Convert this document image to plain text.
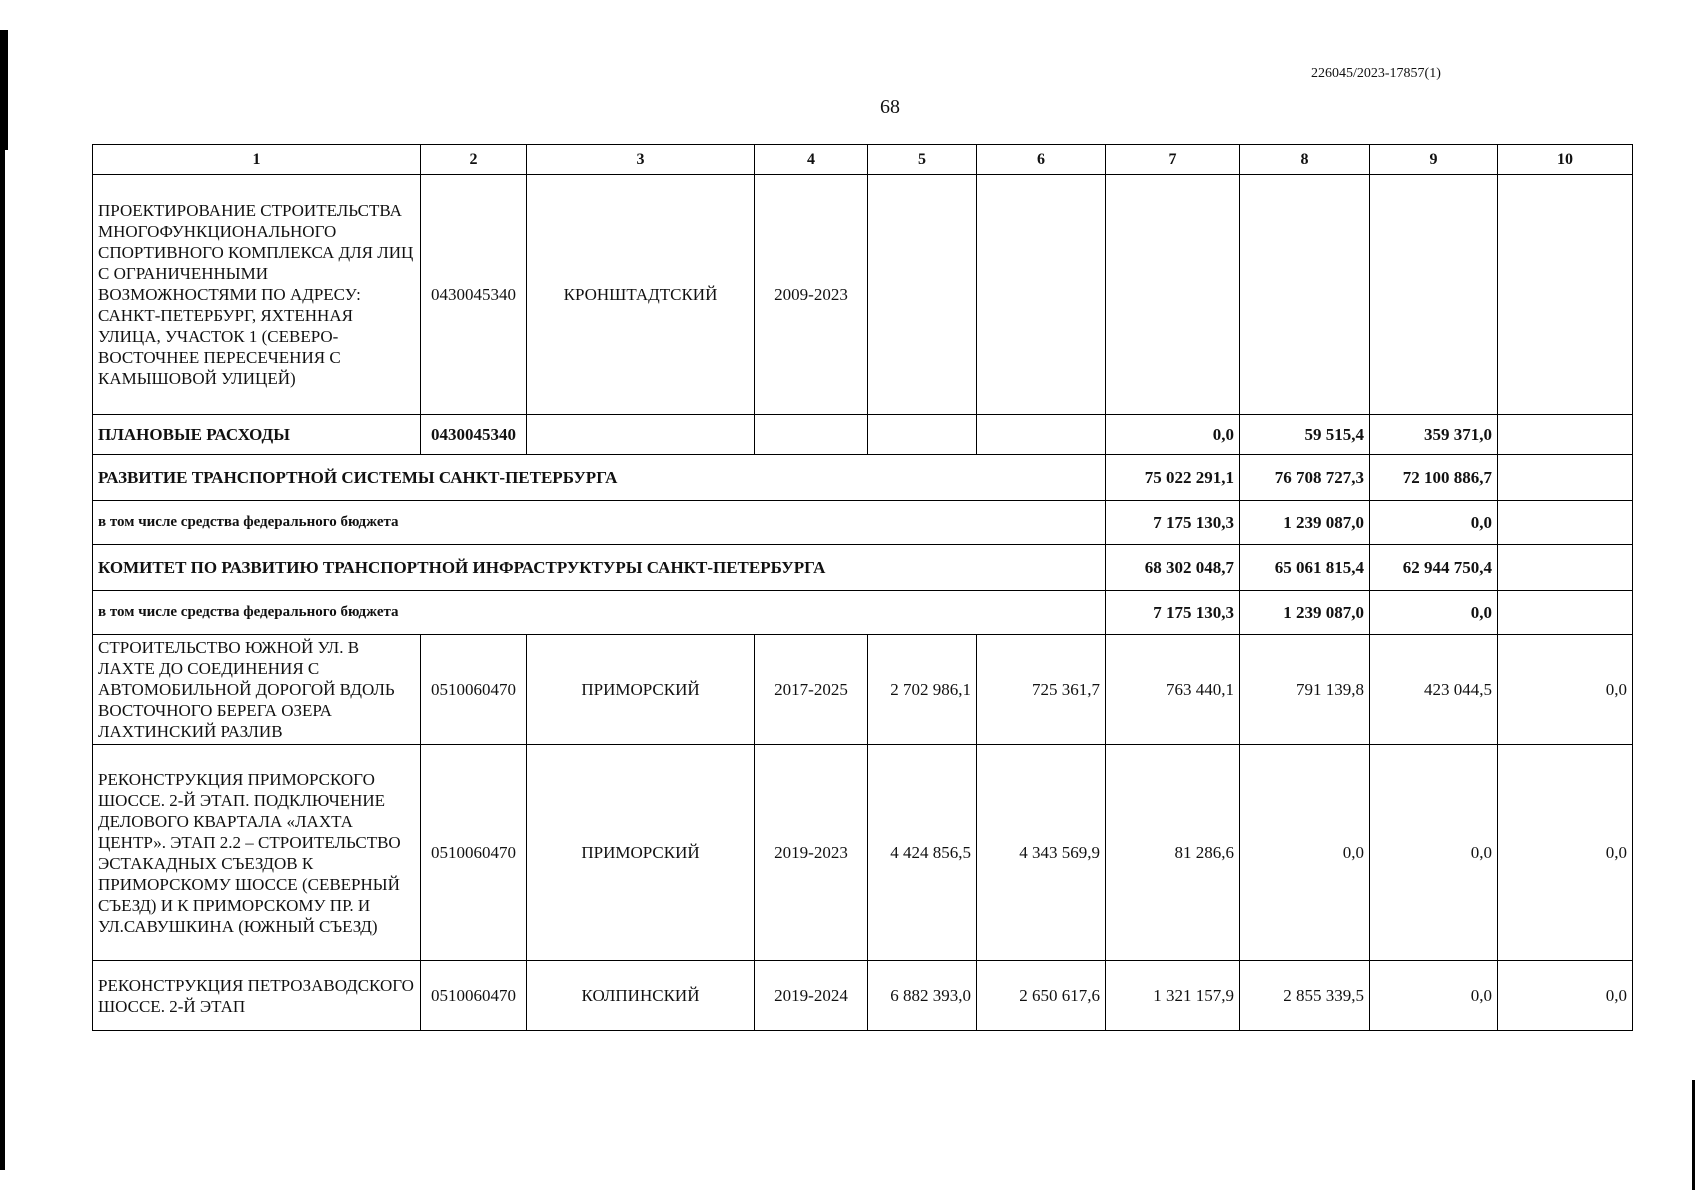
226045/2023-17857(1)
68
1	2	3	4	5	6	7	8	9	10
ПРОЕКТИРОВАНИЕ СТРОИТЕЛЬСТВА МНОГОФУНКЦИОНАЛЬНОГО СПОРТИВНОГО КОМПЛЕКСА ДЛЯ ЛИЦ С ОГРАНИЧЕННЫМИ ВОЗМОЖНОСТЯМИ ПО АДРЕСУ: САНКТ-ПЕТЕРБУРГ, ЯХТЕННАЯ УЛИЦА, УЧАСТОК 1 (СЕВЕРО-ВОСТОЧНЕЕ ПЕРЕСЕЧЕНИЯ С КАМЫШОВОЙ УЛИЦЕЙ)	0430045340	КРОНШТАДТСКИЙ	2009-2023						
ПЛАНОВЫЕ РАСХОДЫ	0430045340					0,0	59 515,4	359 371,0	
РАЗВИТИЕ ТРАНСПОРТНОЙ СИСТЕМЫ САНКТ-ПЕТЕРБУРГА						75 022 291,1	76 708 727,3	72 100 886,7	
в том числе средства федерального бюджета						7 175 130,3	1 239 087,0	0,0	
КОМИТЕТ ПО РАЗВИТИЮ ТРАНСПОРТНОЙ ИНФРАСТРУКТУРЫ САНКТ-ПЕТЕРБУРГА						68 302 048,7	65 061 815,4	62 944 750,4	
в том числе средства федерального бюджета						7 175 130,3	1 239 087,0	0,0	
СТРОИТЕЛЬСТВО ЮЖНОЙ УЛ. В ЛАХТЕ ДО СОЕДИНЕНИЯ С АВТОМОБИЛЬНОЙ ДОРОГОЙ ВДОЛЬ ВОСТОЧНОГО БЕРЕГА ОЗЕРА ЛАХТИНСКИЙ РАЗЛИВ	0510060470	ПРИМОРСКИЙ	2017-2025	2 702 986,1	725 361,7	763 440,1	791 139,8	423 044,5	0,0
РЕКОНСТРУКЦИЯ ПРИМОРСКОГО ШОССЕ. 2-Й ЭТАП. ПОДКЛЮЧЕНИЕ ДЕЛОВОГО КВАРТАЛА «ЛАХТА ЦЕНТР». ЭТАП 2.2 – СТРОИТЕЛЬСТВО ЭСТАКАДНЫХ СЪЕЗДОВ К ПРИМОРСКОМУ ШОССЕ (СЕВЕРНЫЙ СЪЕЗД) И К ПРИМОРСКОМУ ПР. И УЛ.САВУШКИНА (ЮЖНЫЙ СЪЕЗД)	0510060470	ПРИМОРСКИЙ	2019-2023	4 424 856,5	4 343 569,9	81 286,6	0,0	0,0	0,0
РЕКОНСТРУКЦИЯ ПЕТРОЗАВОДСКОГО ШОССЕ. 2-Й ЭТАП	0510060470	КОЛПИНСКИЙ	2019-2024	6 882 393,0	2 650 617,6	1 321 157,9	2 855 339,5	0,0	0,0
